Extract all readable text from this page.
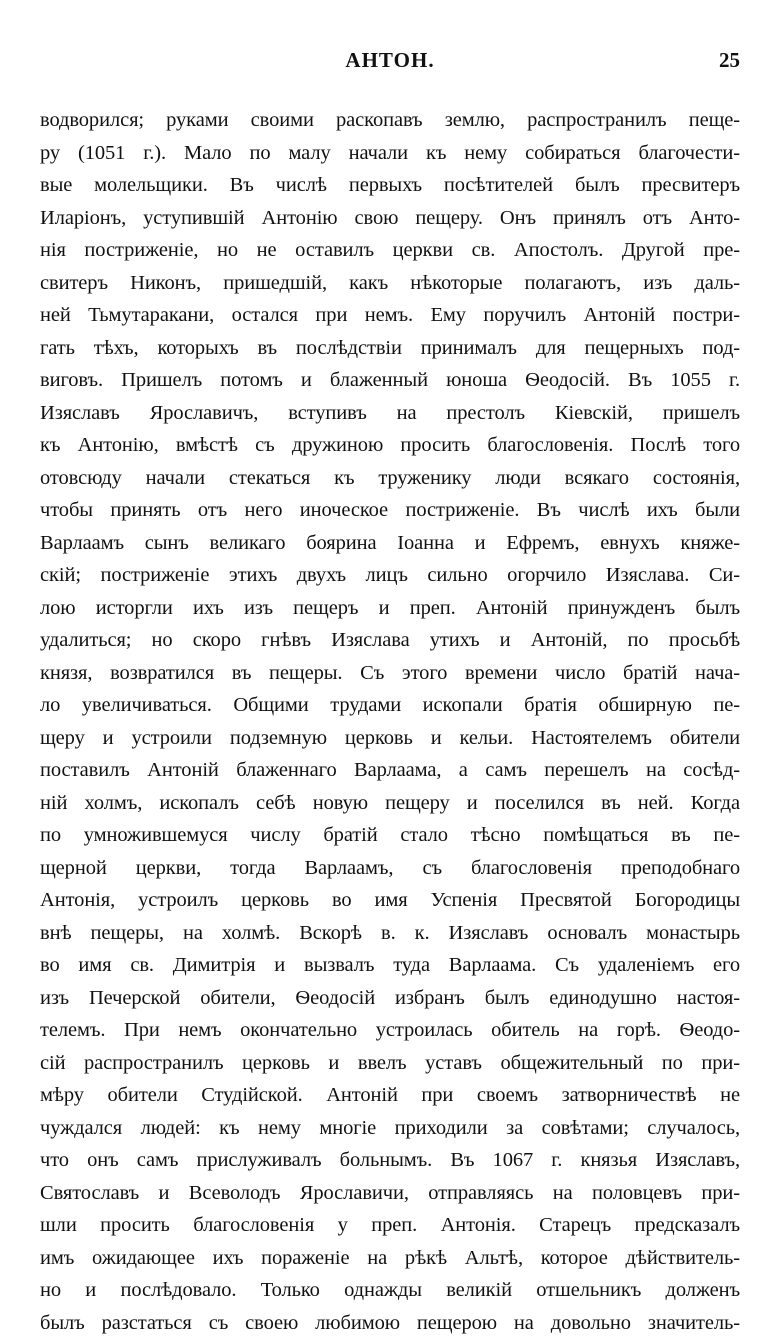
АНТОН.	25
водворился; руками своими раскопавъ землю, распространилъ пеще-
ру (1051 г.). Мало по малу начали къ нему собираться благочести-
вые молельщики. Въ числѣ первыхъ посѣтителей былъ пресвитеръ
Иларіонъ, уступившій Антонію свою пещеру. Онъ принялъ отъ Анто-
нія постриженіе, но не оставилъ церкви св. Апостолъ. Другой пре-
свитеръ Никонъ, пришедшій, какъ нѣкоторые полагаютъ, изъ даль-
ней Тьмутаракани, остался при немъ. Ему поручилъ Антоній постри-
гать тѣхъ, которыхъ въ послѣдствіи принималъ для пещерныхъ под-
виговъ. Пришелъ потомъ и блаженный юноша Ѳеодосій. Въ 1055 г.
Изяславъ Ярославичъ, вступивъ на престолъ Кіевскій, пришелъ
къ Антонію, вмѣстѣ съ дружиною просить благословенія. Послѣ того
отовсюду начали стекаться къ труженику люди всякаго состоянія,
чтобы принять отъ него иноческое постриженіе. Въ числѣ ихъ были
Варлаамъ сынъ великаго боярина Іоанна и Ефремъ, евнухъ княже-
скій; постриженіе этихъ двухъ лицъ сильно огорчило Изяслава. Си-
лою исторгли ихъ изъ пещеръ и преп. Антоній принужденъ былъ
удалиться; но скоро гнѣвъ Изяслава утихъ и Антоній, по просьбѣ
князя, возвратился въ пещеры. Съ этого времени число братій нача-
ло увеличиваться. Общими трудами ископали братія обширную пе-
щеру и устроили подземную церковь и кельи. Настоятелемъ обители
поставилъ Антоній блаженнаго Варлаама, а самъ перешелъ на сосѣд-
ній холмъ, ископалъ себѣ новую пещеру и поселился въ ней. Когда
по умножившемуся числу братій стало тѣсно помѣщаться въ пе-
щерной церкви, тогда Варлаамъ, съ благословенія преподобнаго
Антонія, устроилъ церковь во имя Успенія Пресвятой Богородицы
внѣ пещеры, на холмѣ. Вскорѣ в. к. Изяславъ основалъ монастырь
во имя св. Димитрія и вызвалъ туда Варлаама. Съ удаленіемъ его
изъ Печерской обители, Ѳеодосій избранъ былъ единодушно настоя-
телемъ. При немъ окончательно устроилась обитель на горѣ. Ѳеодо-
сій распространилъ церковь и ввелъ уставъ общежительный по при-
мѣру обители Студійской. Антоній при своемъ затворничествѣ не
чуждался людей: къ нему многіе приходили за совѣтами; случалось,
что онъ самъ прислуживалъ больнымъ. Въ 1067 г. князья Изяславъ,
Святославъ и Всеволодъ Ярославичи, отправляясь на половцевъ при-
шли просить благословенія у преп. Антонія. Старецъ предсказалъ
имъ ожидающее ихъ пораженіе на рѣкѣ Альтѣ, которое дѣйствитель-
но и послѣдовало. Только однажды великій отшельникъ долженъ
былъ разстаться съ своею любимою пещерою на довольно значитель-
